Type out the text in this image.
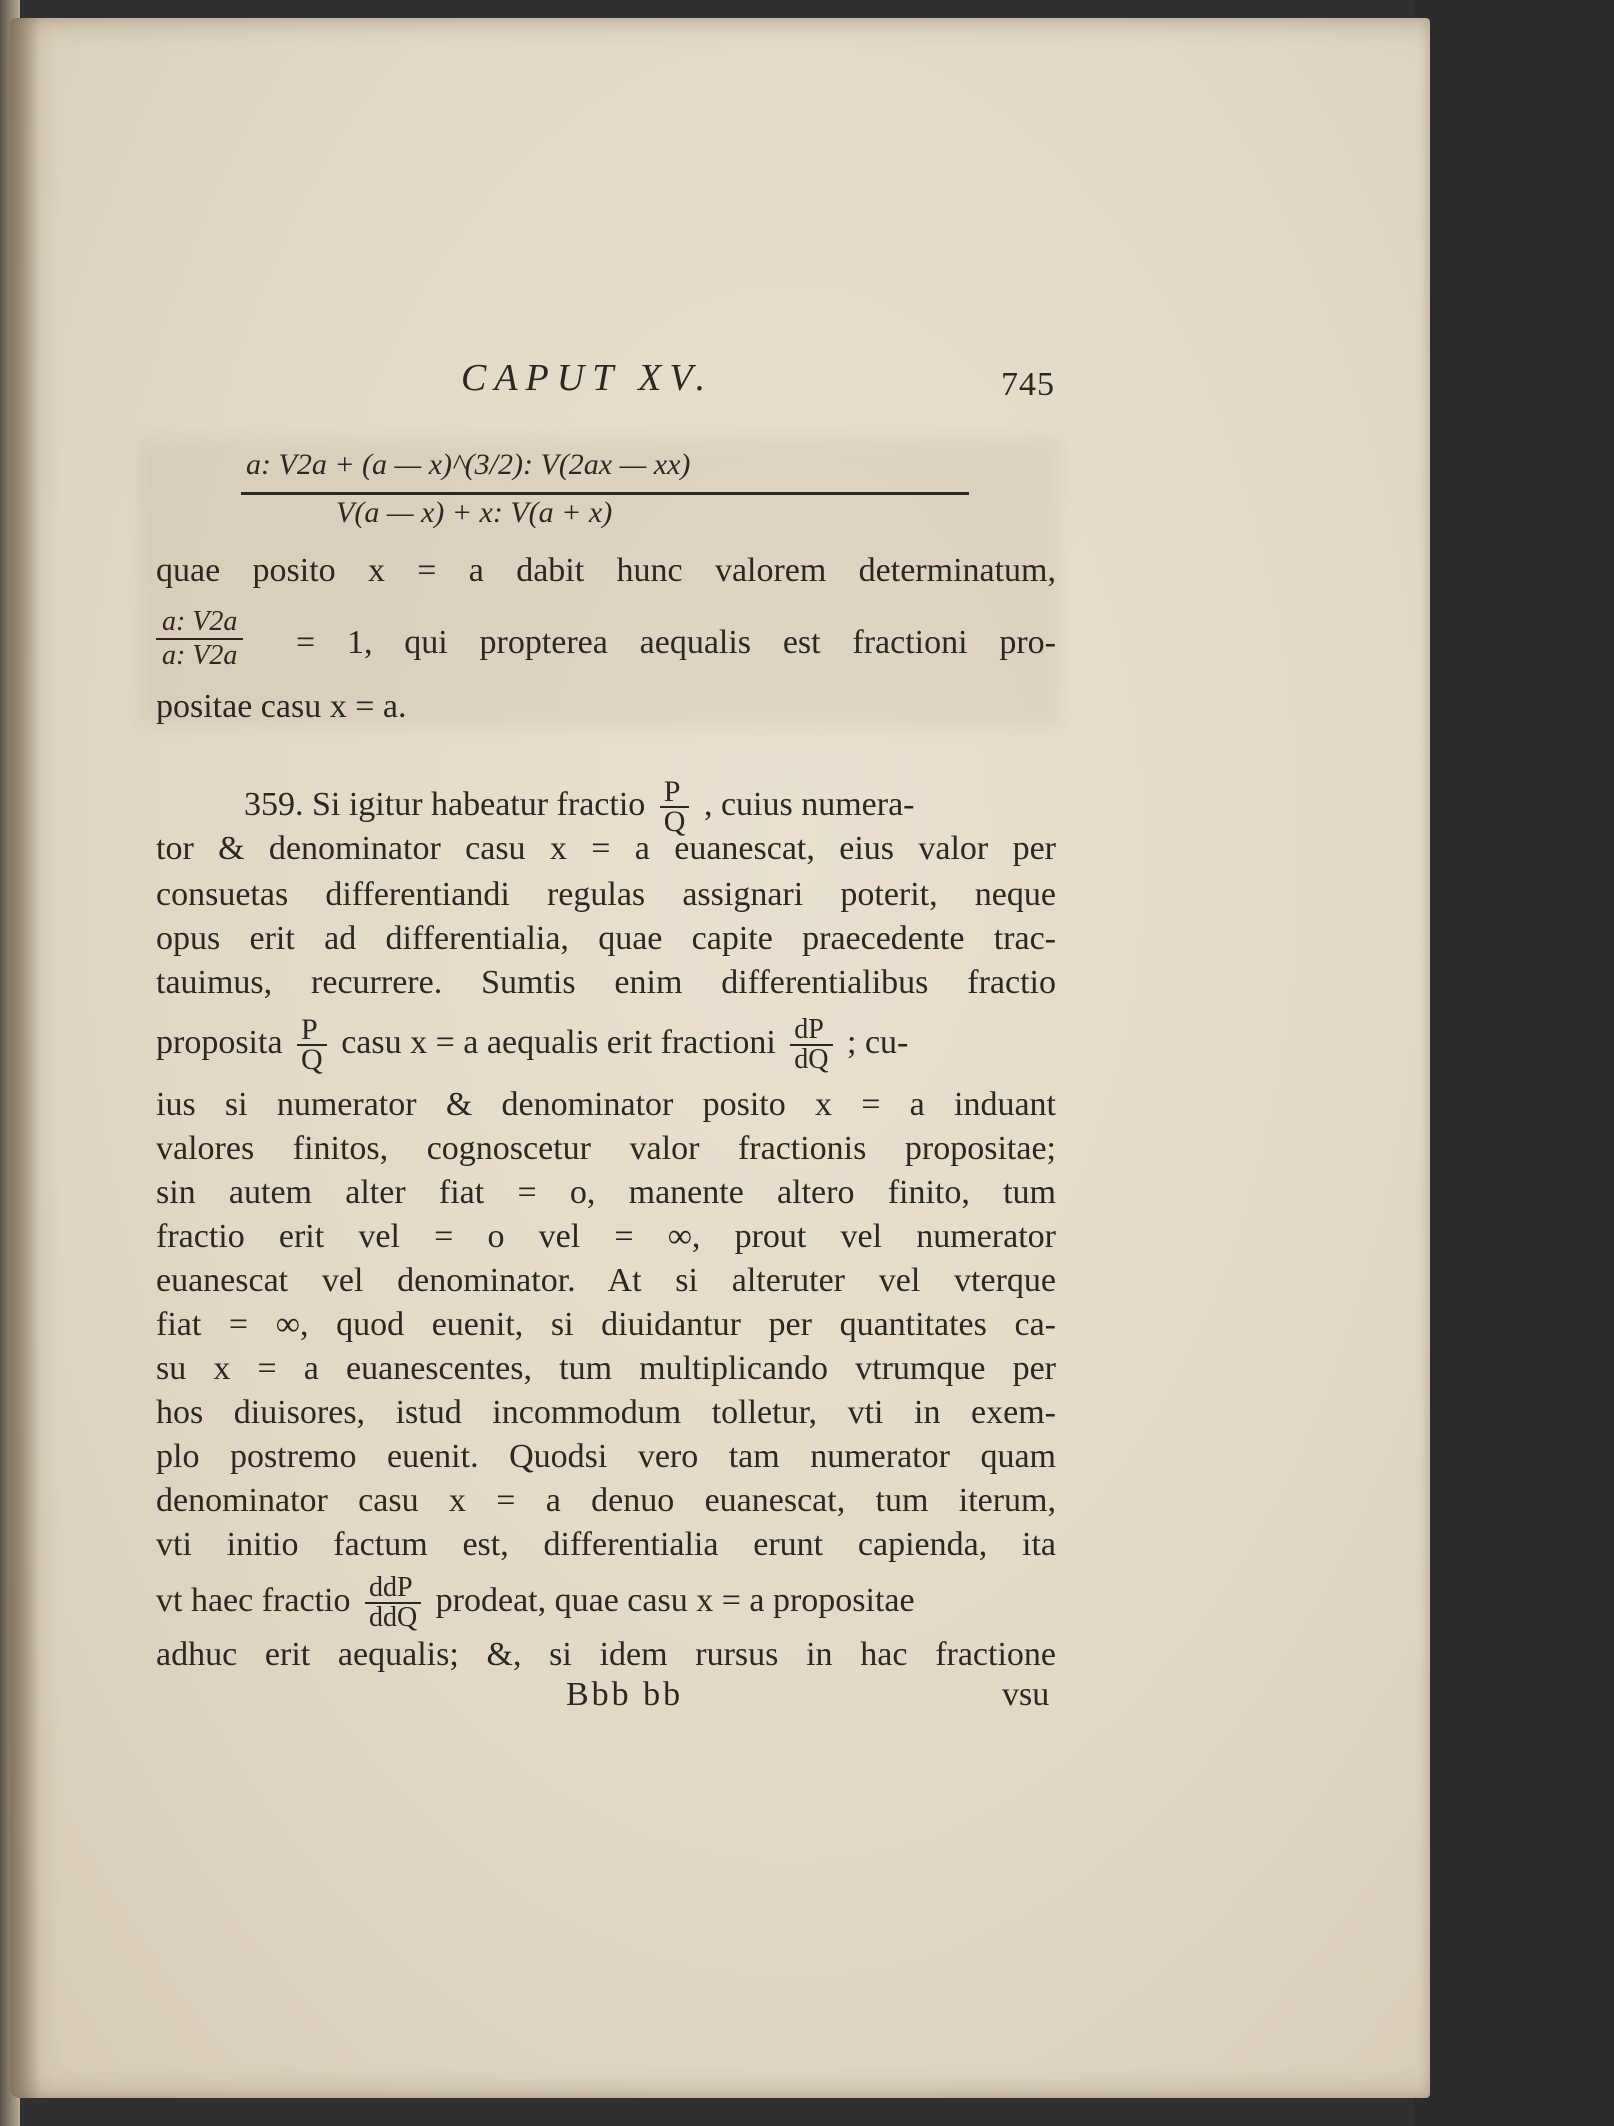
CAPUT XV.	745
a: V2a + (a — x)^(3/2): V(2ax — xx)
V(a — x) + x: V(a + x)
quae posito x = a dabit hunc valorem determinatum,
$\frac{a: V2a}{a: V2a} = 1$, qui propterea aequalis est fractioni pro-
positae casu x = a.
359. Si igitur habeatur fractio $\frac{P}{Q}$ , cuius numera-
tor & denominator casu x = a euanescat, eius valor per
consuetas differentiandi regulas assignari poterit, neque
opus erit ad differentialia, quae capite praecedente trac-
tauimus, recurrere. Sumtis enim differentialibus fractio
proposita $\frac{P}{Q}$ casu x = a aequalis erit fractioni $\frac{dP}{dQ}$ ; cu-
ius si numerator & denominator posito x = a induant
valores finitos, cognoscetur valor fractionis propositae;
sin autem alter fiat = o, manente altero finito, tum
fractio erit vel = o vel = ∞, prout vel numerator
euanescat vel denominator. At si alteruter vel vterque
fiat = ∞, quod euenit, si diuidantur per quantitates ca-
su x = a euanescentes, tum multiplicando vtrumque per
hos diuisores, istud incommodum tolletur, vti in exem-
plo postremo euenit. Quodsi vero tam numerator quam
denominator casu x = a denuo euanescat, tum iterum,
vti initio factum est, differentialia erunt capienda, ita
vt haec fractio $\frac{\text{ddP}}{\text{ddQ}}$ prodeat, quae casu x = a propositae
adhuc erit aequalis; &, si idem rursus in hac fractione
Bbb bb	vsu
